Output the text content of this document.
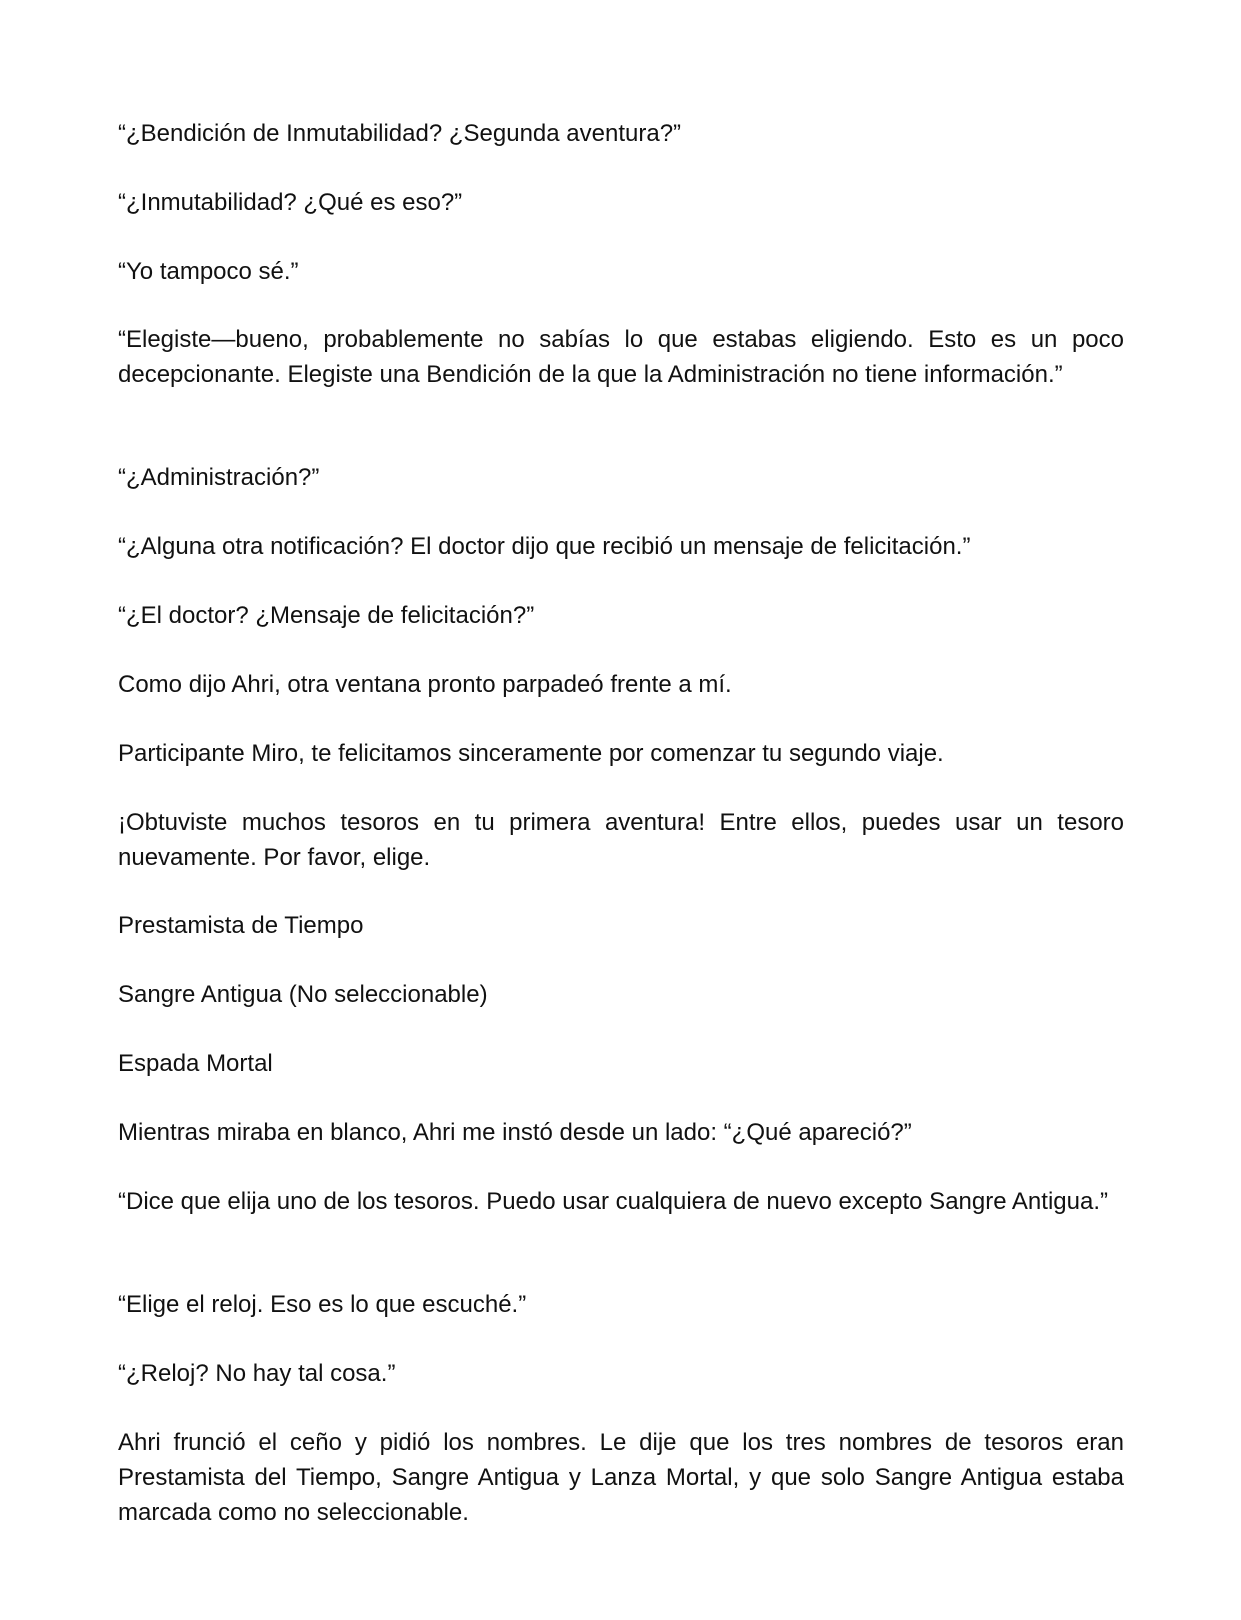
“¿Bendición de Inmutabilidad? ¿Segunda aventura?”

“¿Inmutabilidad? ¿Qué es eso?”

“Yo tampoco sé.”

“Elegiste—bueno, probablemente no sabías lo que estabas eligiendo. Esto es un poco decepcionante. Elegiste una Bendición de la que la Administración no tiene información.”

“¿Administración?”

“¿Alguna otra notificación? El doctor dijo que recibió un mensaje de felicitación.”

“¿El doctor? ¿Mensaje de felicitación?”

Como dijo Ahri, otra ventana pronto parpadeó frente a mí.

Participante Miro, te felicitamos sinceramente por comenzar tu segundo viaje.

¡Obtuviste muchos tesoros en tu primera aventura! Entre ellos, puedes usar un tesoro nuevamente. Por favor, elige.

Prestamista de Tiempo

Sangre Antigua (No seleccionable)

Espada Mortal

Mientras miraba en blanco, Ahri me instó desde un lado: “¿Qué apareció?”

“Dice que elija uno de los tesoros. Puedo usar cualquiera de nuevo excepto Sangre Antigua.”

“Elige el reloj. Eso es lo que escuché.”

“¿Reloj? No hay tal cosa.”

Ahri frunció el ceño y pidió los nombres. Le dije que los tres nombres de tesoros eran Prestamista del Tiempo, Sangre Antigua y Lanza Mortal, y que solo Sangre Antigua estaba marcada como no seleccionable.
